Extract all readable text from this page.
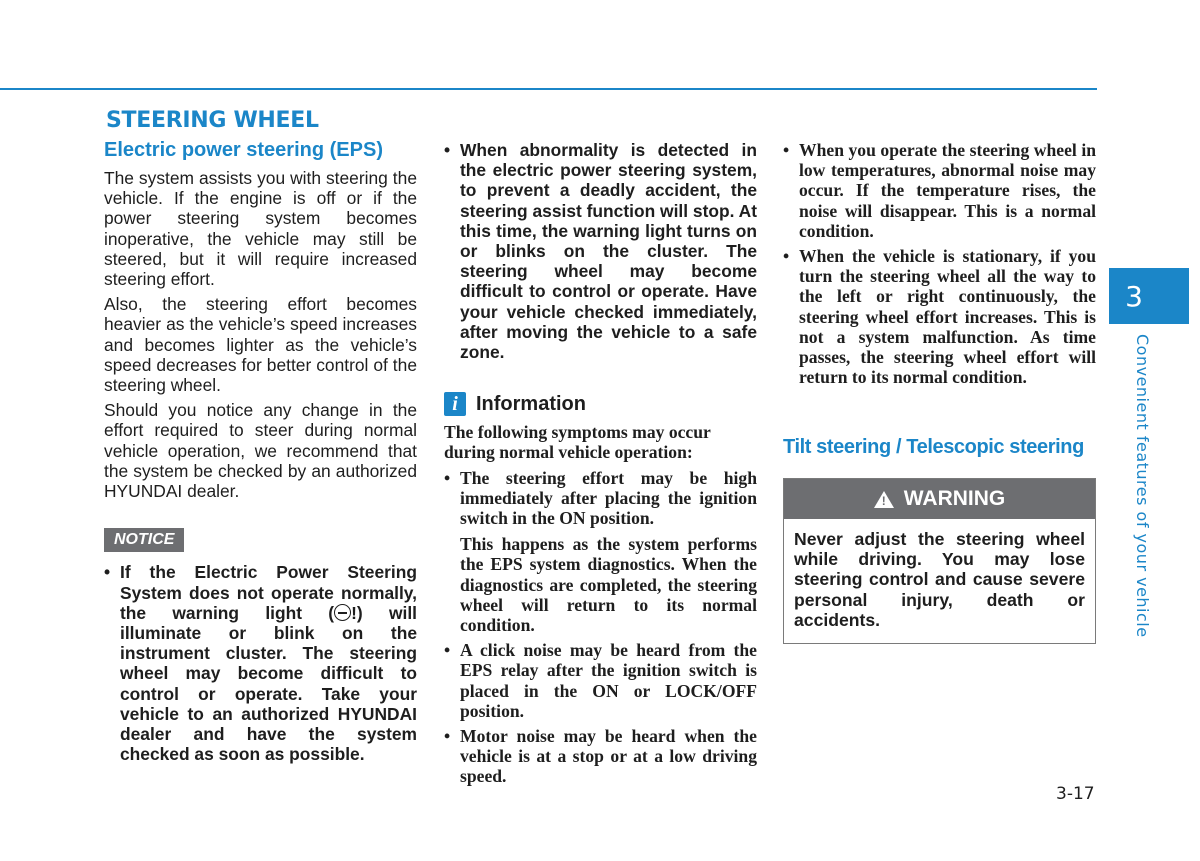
STEERING WHEEL
Electric power steering (EPS)

The system assists you with steering the vehicle. If the engine is off or if the power steering system becomes inoperative, the vehicle may still be steered, but it will require increased steering effort.

Also, the steering effort becomes heavier as the vehicle’s speed increases and becomes lighter as the vehicle’s speed decreases for better control of the steering wheel.

Should you notice any change in the effort required to steer during normal vehicle operation, we recommend that the system be checked by an authorized HYUNDAI dealer.

NOTICE
• If the Electric Power Steering System does not operate normally, the warning light ( !) will illuminate or blink on the instrument cluster. The steering wheel may become difficult to control or operate. Take your vehicle to an authorized HYUNDAI dealer and have the system checked as soon as possible.
• When abnormality is detected in the electric power steering system, to prevent a deadly accident, the steering assist function will stop. At this time, the warning light turns on or blinks on the cluster. The steering wheel may become difficult to control or operate. Have your vehicle checked immediately, after moving the vehicle to a safe zone.
i Information

The following symptoms may occur during normal vehicle operation:

• The steering effort may be high immediately after placing the ignition switch in the ON position.
This happens as the system performs the EPS system diagnostics. When the diagnostics are completed, the steering wheel will return to its normal condition.
• A click noise may be heard from the EPS relay after the ignition switch is placed in the ON or LOCK/OFF position.
• Motor noise may be heard when the vehicle is at a stop or at a low driving speed.
• When you operate the steering wheel in low temperatures, abnormal noise may occur. If the temperature rises, the noise will disappear. This is a normal condition.
• When the vehicle is stationary, if you turn the steering wheel all the way to the left or right continuously, the steering wheel effort increases. This is not a system malfunction. As time passes, the steering wheel effort will return to its normal condition.
Tilt steering / Telescopic steering
! WARNING
Never adjust the steering wheel while driving. You may lose steering control and cause severe personal injury, death or accidents.
3
Convenient features of your vehicle
3-17
